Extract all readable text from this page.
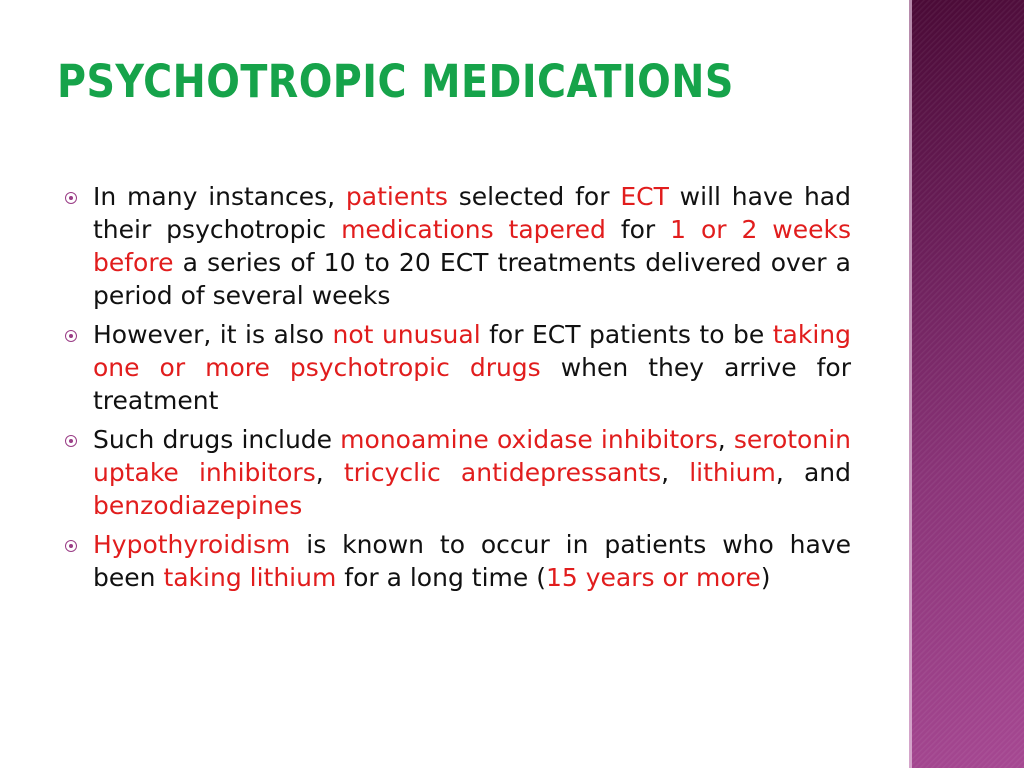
PSYCHOTROPIC MEDICATIONS
In many instances, patients selected for ECT will have had their psychotropic medications tapered for 1 or 2 weeks before a series of 10 to 20 ECT treatments delivered over a period of several weeks
However, it is also not unusual for ECT patients to be taking one or more psychotropic drugs when they arrive for treatment
Such drugs include monoamine oxidase inhibitors, serotonin uptake inhibitors, tricyclic antidepressants, lithium, and benzodiazepines
Hypothyroidism is known to occur in patients who have been taking lithium for a long time (15 years or more)
